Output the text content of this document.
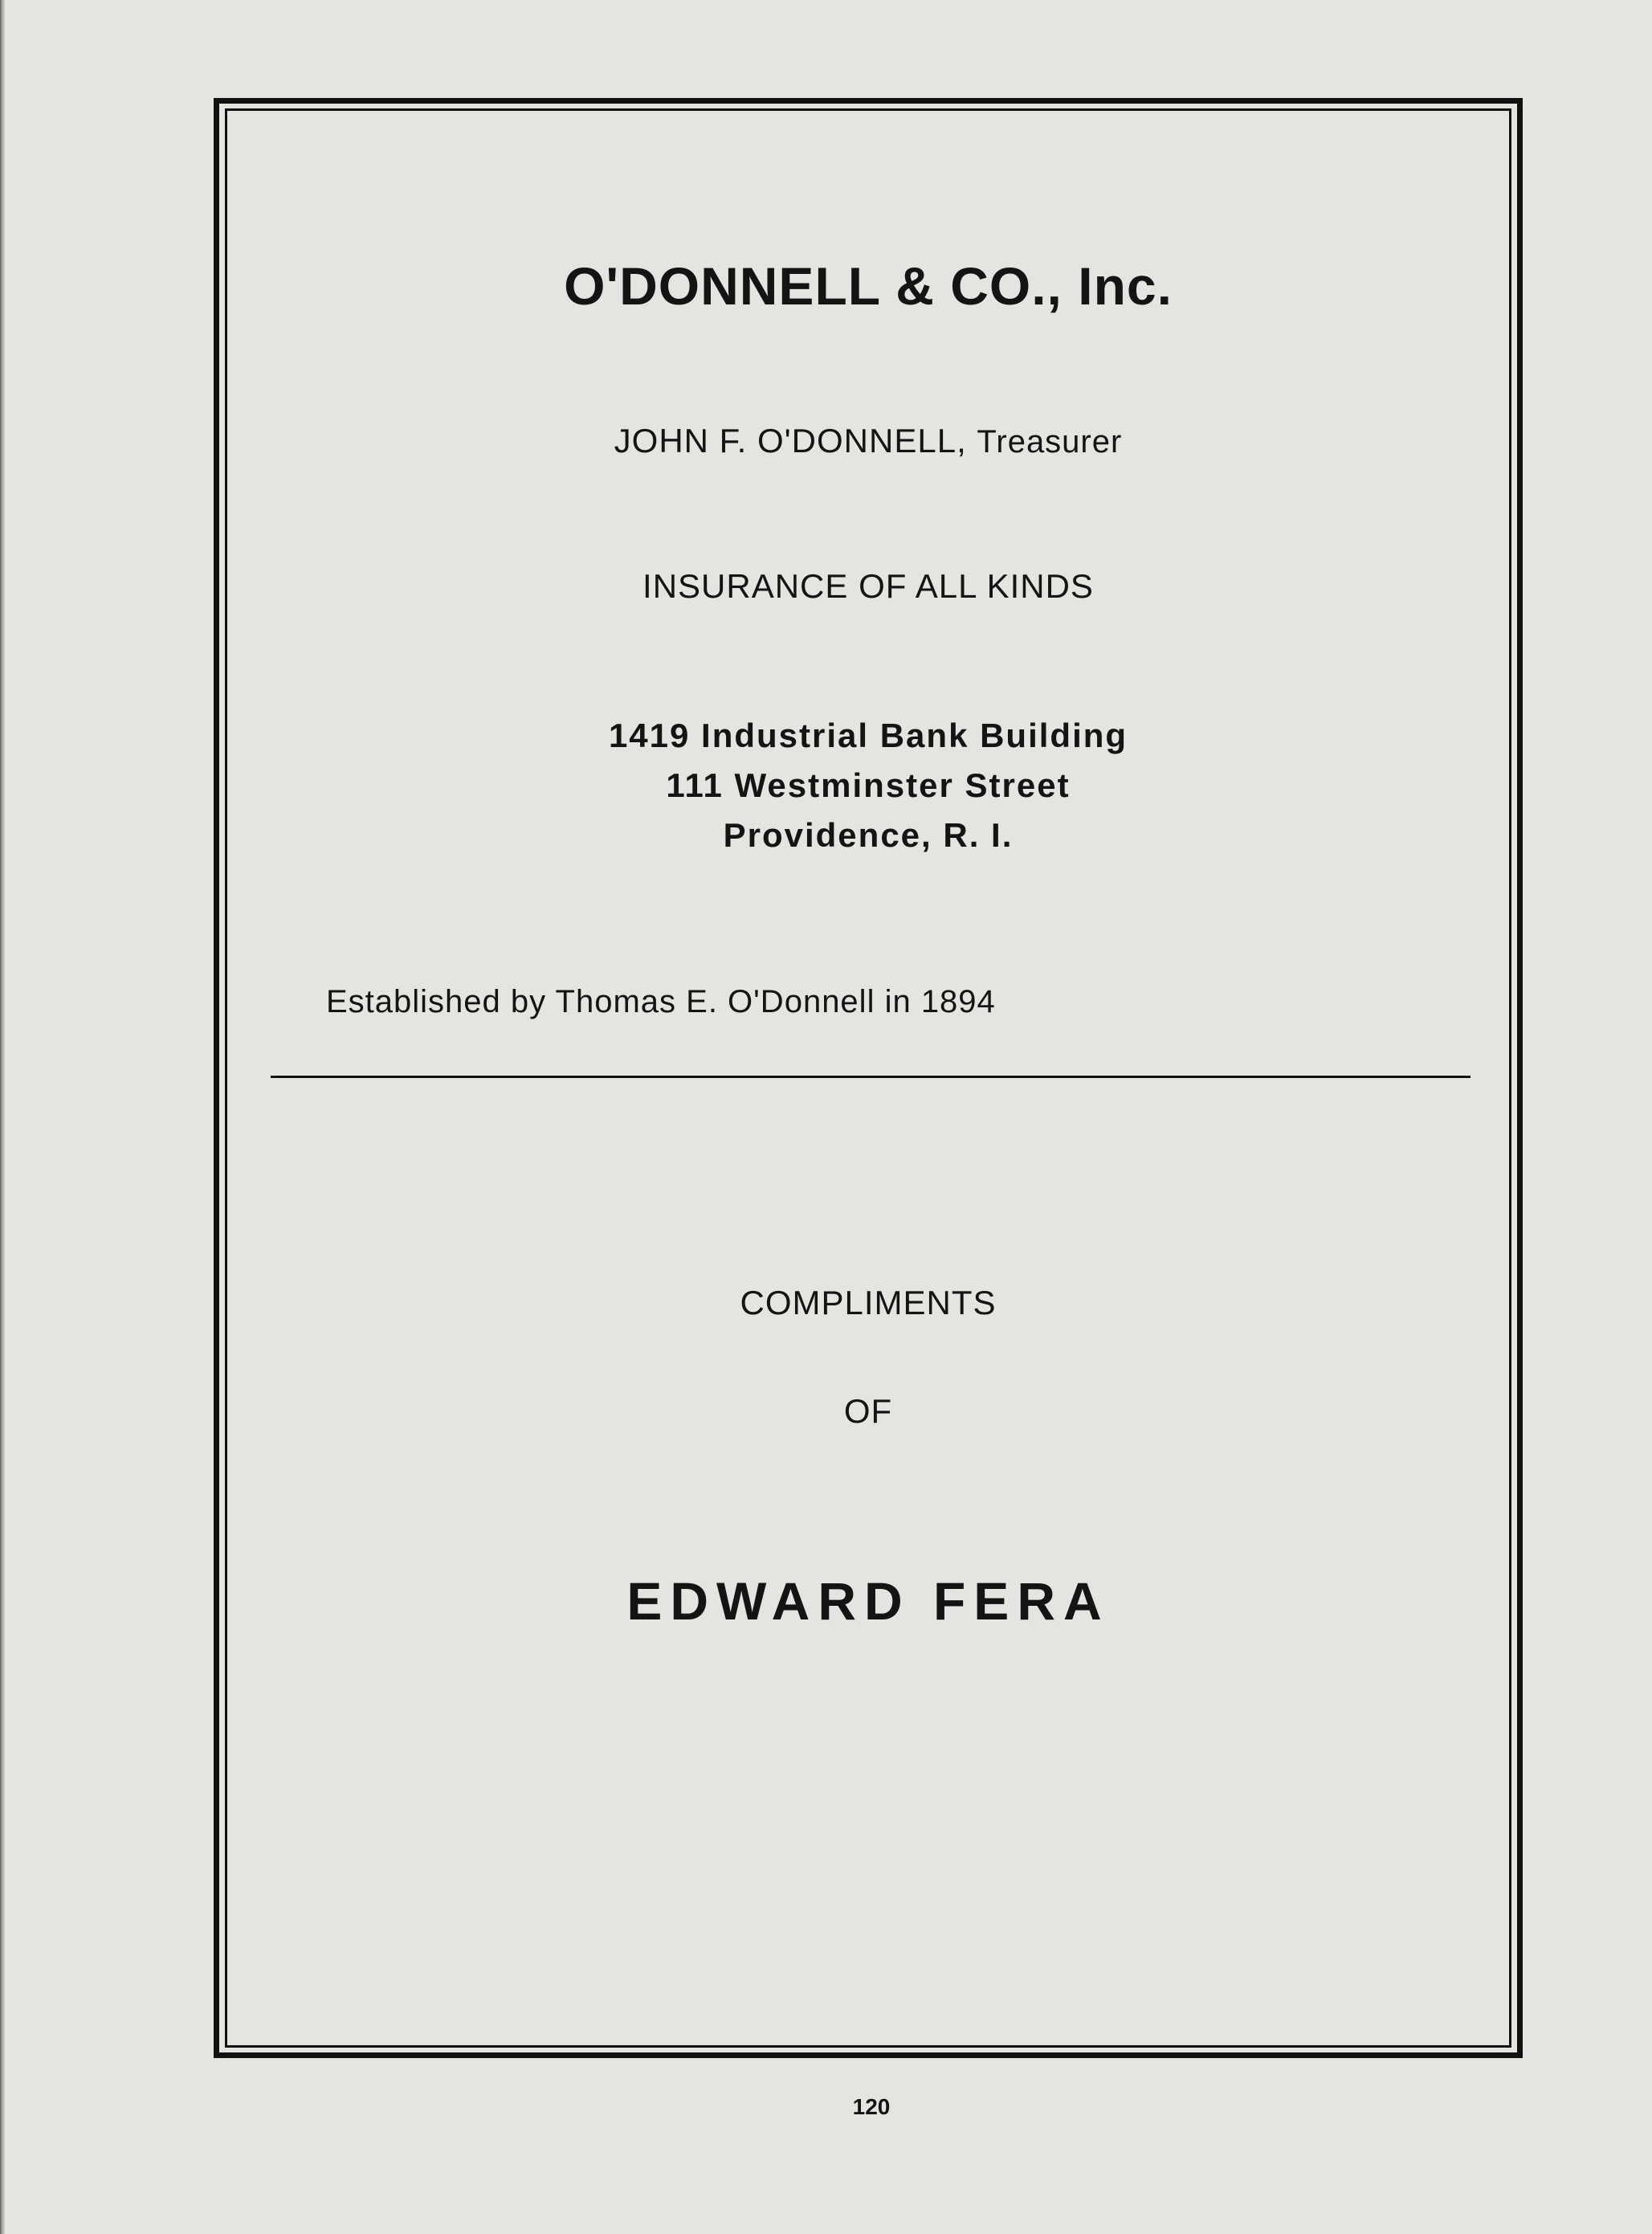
O'DONNELL & CO., Inc.
JOHN F. O'DONNELL, Treasurer
INSURANCE OF ALL KINDS
1419 Industrial Bank Building
111 Westminster Street
Providence, R. I.
Established by Thomas E. O'Donnell in 1894
COMPLIMENTS
OF
EDWARD FERA
120
